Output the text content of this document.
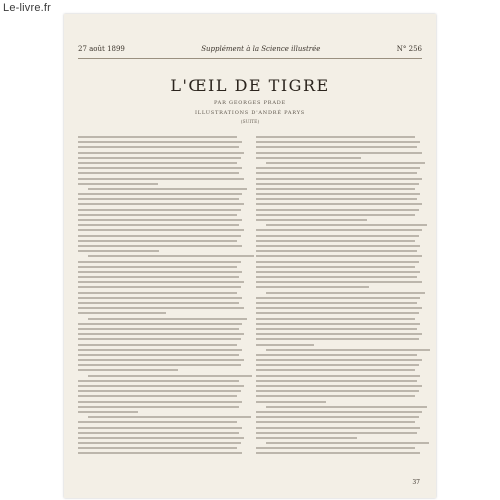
Le-livre.fr
27 août 1899	Supplément à la Science illustrée	N° 256
L'ŒIL DE TIGRE
PAR GEORGES PRADE
ILLUSTRATIONS D'ANDRÉ PARYS
(SUITE)
37
